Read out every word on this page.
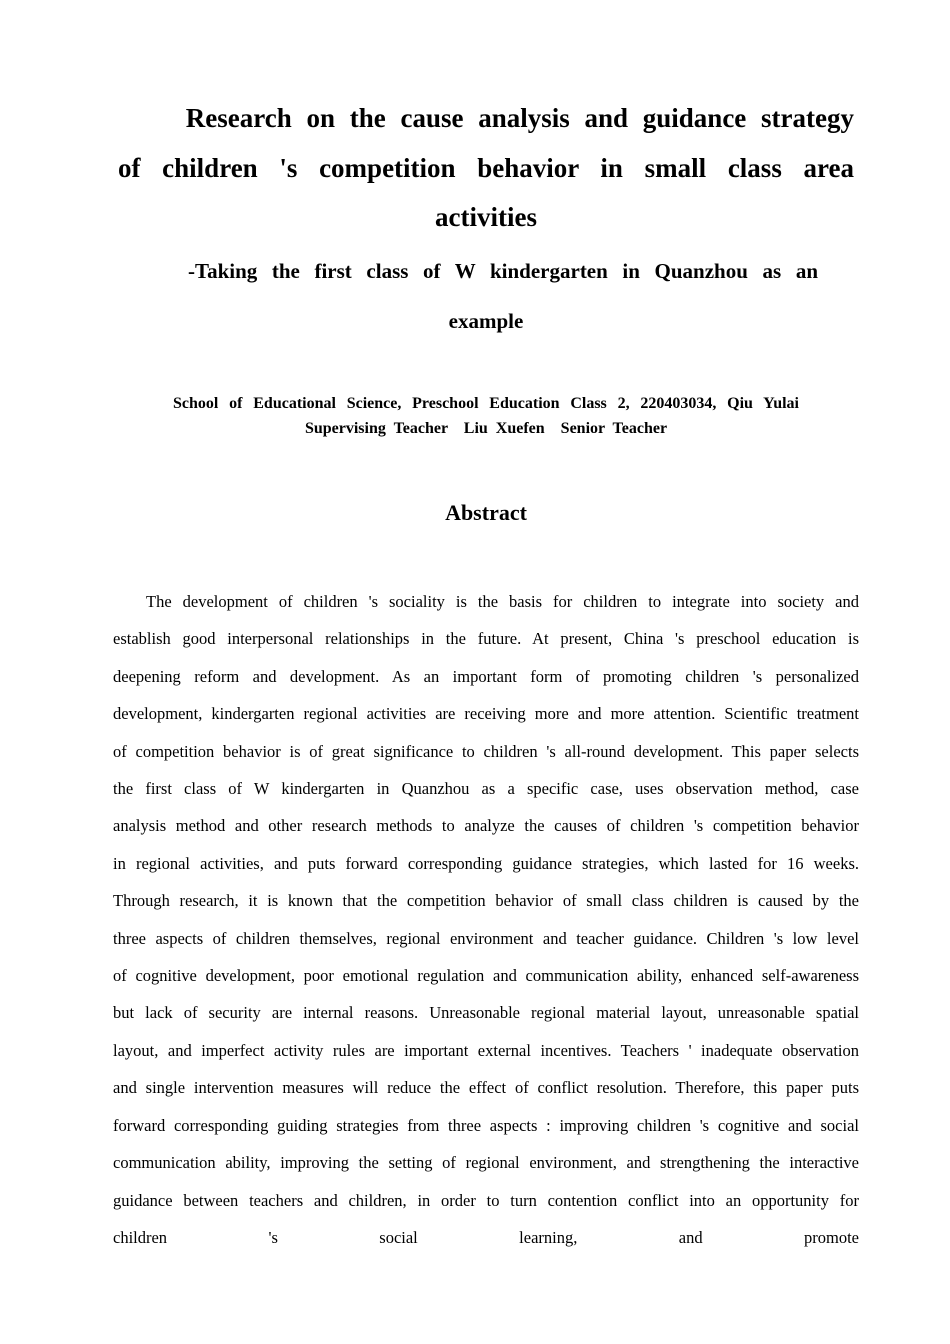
Research on the cause analysis and guidance strategy
of children 's competition behavior in small class area
activities
-Taking the first class of W kindergarten in Quanzhou as an
example
School of Educational Science, Preschool Education Class 2, 220403034, Qiu Yulai
Supervising Teacher  Liu Xuefen  Senior Teacher
Abstract
The development of children 's sociality is the basis for children to integrate into society and establish good interpersonal relationships in the future. At present, China 's preschool education is deepening reform and development. As an important form of promoting children 's personalized development, kindergarten regional activities are receiving more and more attention. Scientific treatment of competition behavior is of great significance to children 's all-round development. This paper selects the first class of W kindergarten in Quanzhou as a specific case, uses observation method, case analysis method and other research methods to analyze the causes of children 's competition behavior in regional activities, and puts forward corresponding guidance strategies, which lasted for 16 weeks. Through research, it is known that the competition behavior of small class children is caused by the three aspects of children themselves, regional environment and teacher guidance. Children 's low level of cognitive development, poor emotional regulation and communication ability, enhanced self-awareness but lack of security are internal reasons. Unreasonable regional material layout, unreasonable spatial layout, and imperfect activity rules are important external incentives. Teachers ' inadequate observation and single intervention measures will reduce the effect of conflict resolution. Therefore, this paper puts forward corresponding guiding strategies from three aspects : improving children 's cognitive and social communication ability, improving the setting of regional environment, and strengthening the interactive guidance between teachers and children, in order to turn contention conflict into an opportunity for children 's social learning, and promote
